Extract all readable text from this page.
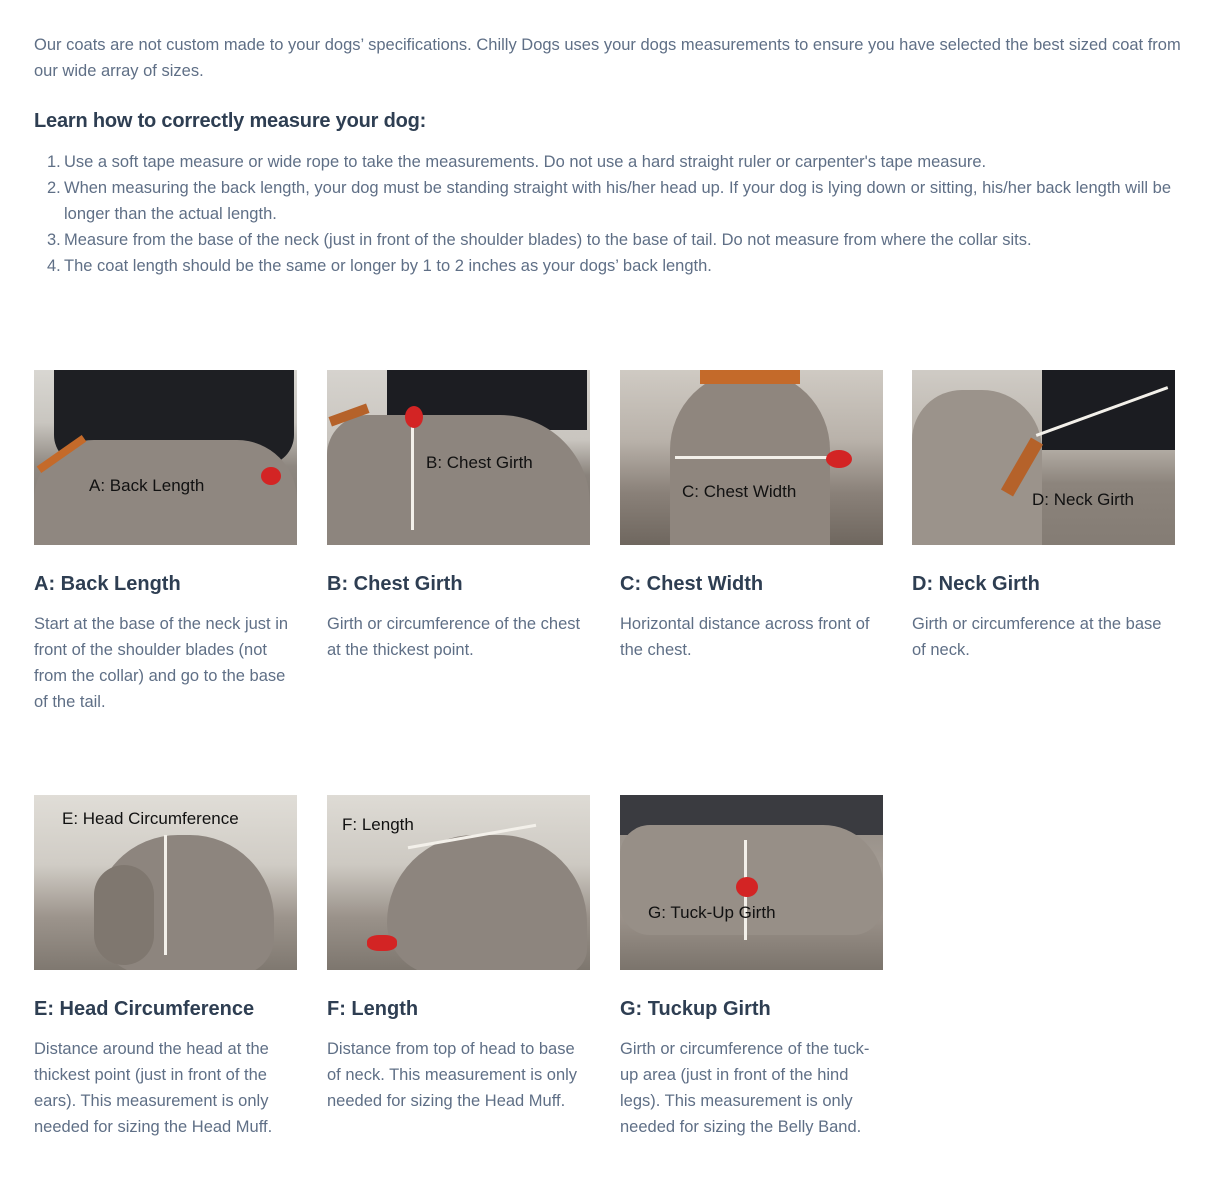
Our coats are not custom made to your dogs’ specifications. Chilly Dogs uses your dogs measurements to ensure you have selected the best sized coat from our wide array of sizes.

Learn how to correctly measure your dog:
1. Use a soft tape measure or wide rope to take the measurements. Do not use a hard straight ruler or carpenter's tape measure.
2. When measuring the back length, your dog must be standing straight with his/her head up. If your dog is lying down or sitting, his/her back length will be longer than the actual length.
3. Measure from the base of the neck (just in front of the shoulder blades) to the base of tail. Do not measure from where the collar sits.
4. The coat length should be the same or longer by 1 to 2 inches as your dogs’ back length.
A: Back Length
A: Back Length

Start at the base of the neck just in front of the shoulder blades (not from the collar) and go to the base of the tail.

B: Chest Girth
B: Chest Girth

Girth or circumference of the chest at the thickest point.

C: Chest Width
C: Chest Width

Horizontal distance across front of the chest.

D: Neck Girth
D: Neck Girth

Girth or circumference at the base of neck.

E: Head Circumference
E: Head Circumference

Distance around the head at the thickest point (just in front of the ears). This measurement is only needed for sizing the Head Muff.

F: Length
F: Length

Distance from top of head to base of neck. This measurement is only needed for sizing the Head Muff.

G: Tuck-Up Girth
G: Tuckup Girth

Girth or circumference of the tuck-up area (just in front of the hind legs). This measurement is only needed for sizing the Belly Band.
